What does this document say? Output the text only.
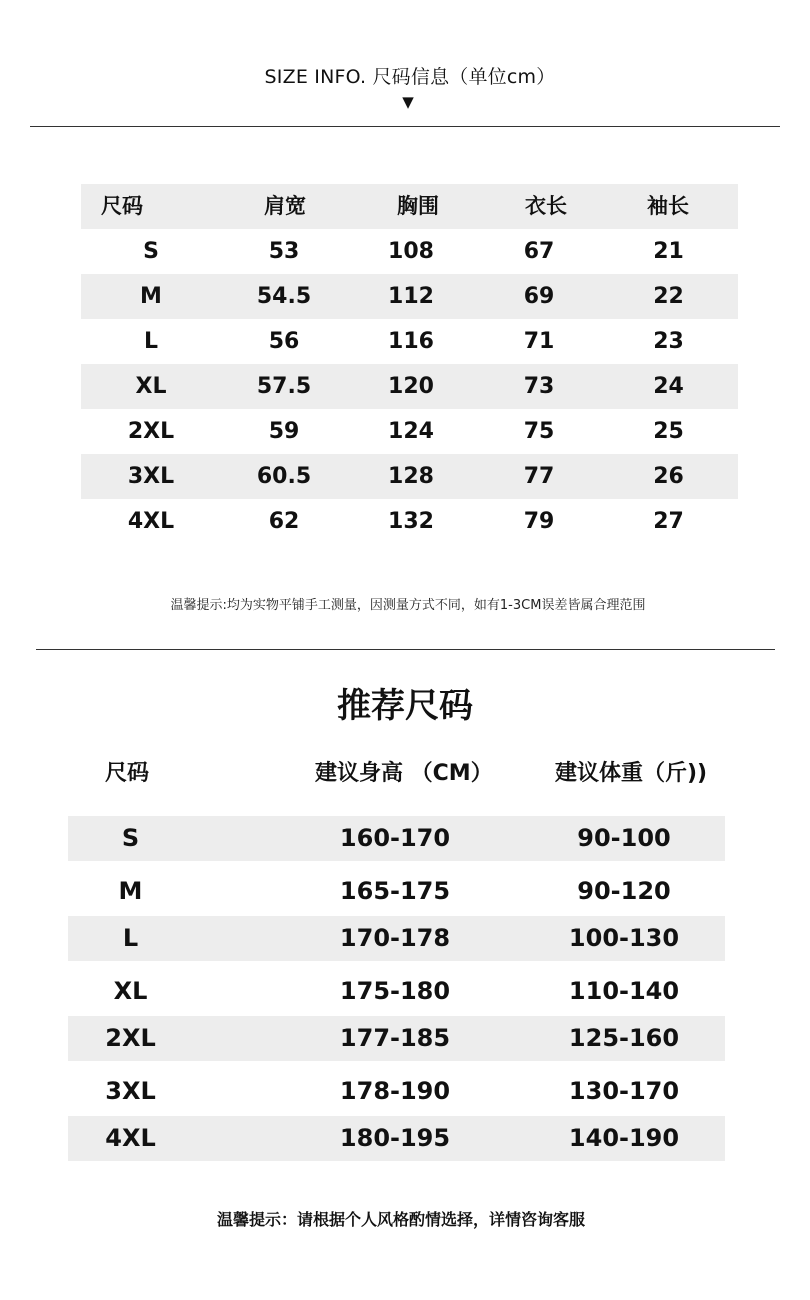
SIZE INFO. 尺码信息（单位cm）
▼
尺码	肩宽	胸围	衣长	袖长
S	53	108	67	21
M	54.5	112	69	22
L	56	116	71	23
XL	57.5	120	73	24
2XL	59	124	75	25
3XL	60.5	128	77	26
4XL	62	132	79	27
温馨提示:均为实物平铺手工测量，因测量方式不同，如有1-3CM误差皆属合理范围
推荐尺码
尺码	建议身高 （CM）	建议体重（斤))
S	160-170	90-100
M	165-175	90-120
L	170-178	100-130
XL	175-180	110-140
2XL	177-185	125-160
3XL	178-190	130-170
4XL	180-195	140-190
温馨提示：请根据个人风格酌情选择，详情咨询客服
